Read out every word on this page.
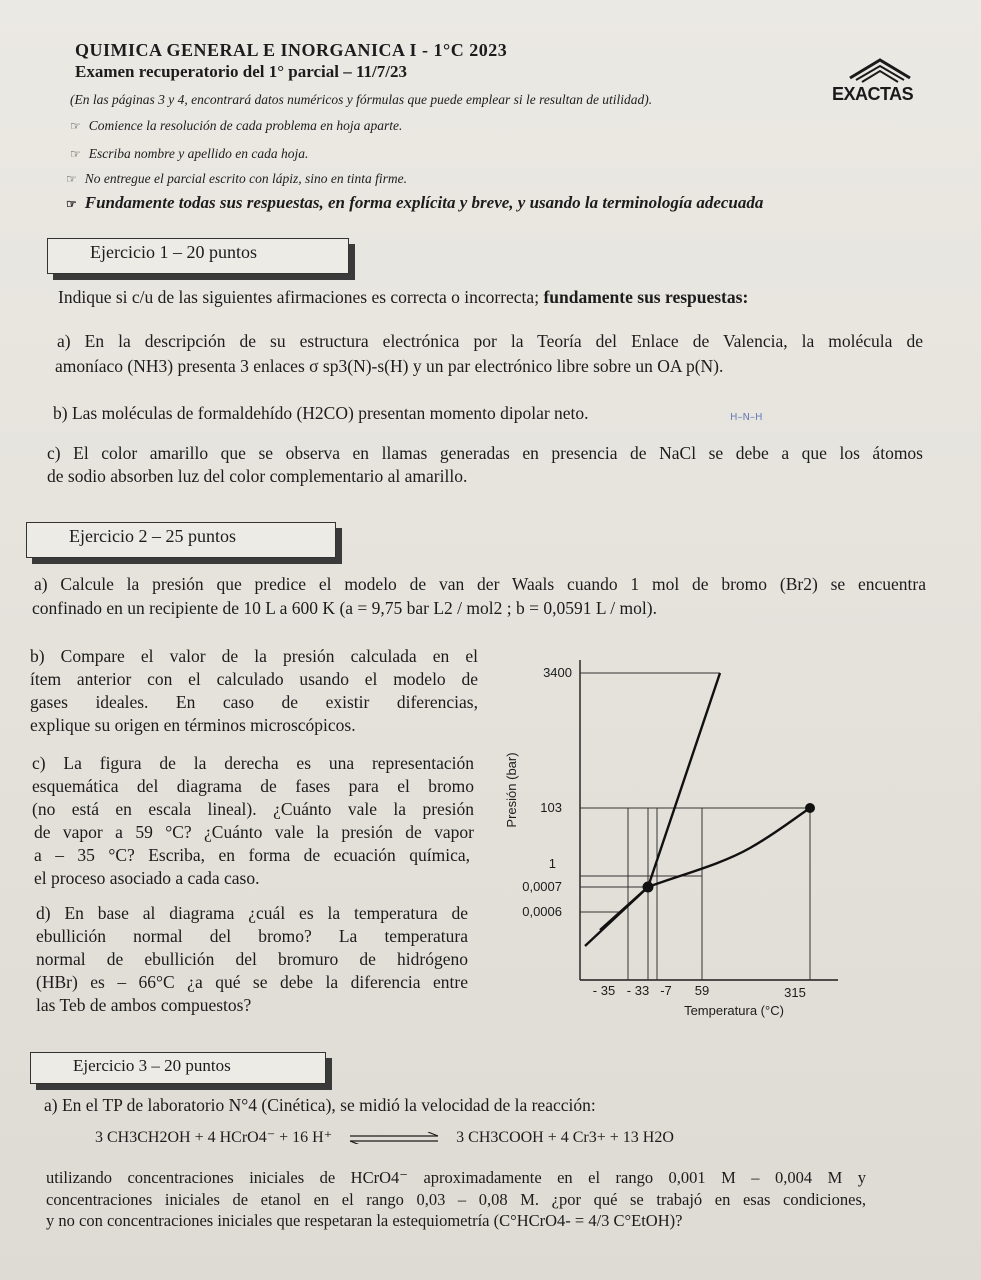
QUIMICA GENERAL E INORGANICA I - 1°C 2023
Examen recuperatorio del 1° parcial – 11/7/23
EXACTAS
(En las páginas 3 y 4, encontrará datos numéricos y fórmulas que puede emplear si le resultan de utilidad).
☞ Comience la resolución de cada problema en hoja aparte.
☞ Escriba nombre y apellido en cada hoja.
☞ No entregue el parcial escrito con lápiz, sino en tinta firme.
☞ Fundamente todas sus respuestas, en forma explícita y breve, y usando la terminología adecuada
Ejercicio 1 – 20 puntos
Indique si c/u de las siguientes afirmaciones es correcta o incorrecta; fundamente sus respuestas:
a) En la descripción de su estructura electrónica por la Teoría del Enlace de Valencia, la molécula de
amoníaco (NH3) presenta 3 enlaces σ sp3(N)-s(H) y un par electrónico libre sobre un OA p(N).
b) Las moléculas de formaldehído (H2CO) presentan momento dipolar neto.	H–N–H
c) El color amarillo que se observa en llamas generadas en presencia de NaCl se debe a que los átomos
de sodio absorben luz del color complementario al amarillo.
Ejercicio 2 – 25 puntos
a) Calcule la presión que predice el modelo de van der Waals cuando 1 mol de bromo (Br2) se encuentra
confinado en un recipiente de 10 L a 600 K (a = 9,75 bar L2 / mol2 ; b = 0,0591 L / mol).
b) Compare el valor de la presión calculada en el
ítem anterior con el calculado usando el modelo de
gases ideales. En caso de existir diferencias,
explique su origen en términos microscópicos.
c) La figura de la derecha es una representación
esquemática del diagrama de fases para el bromo
(no está en escala lineal). ¿Cuánto vale la presión
de vapor a 59 °C? ¿Cuánto vale la presión de vapor
a – 35 °C? Escriba, en forma de ecuación química,
el proceso asociado a cada caso.
d) En base al diagrama ¿cuál es la temperatura de
ebullición normal del bromo? La temperatura
normal de ebullición del bromuro de hidrógeno
(HBr) es – 66°C ¿a qué se debe la diferencia entre
las Teb de ambos compuestos?
3400
103
1
0,0007
0,0006
- 35 - 33 -7 59	315
Temperatura (°C)
Presión (bar)
Ejercicio 3 – 20 puntos
a) En el TP de laboratorio N°4 (Cinética), se midió la velocidad de la reacción:
3 CH3CH2OH + 4 HCrO4⁻ + 16 H⁺	3 CH3COOH + 4 Cr3+ + 13 H2O
utilizando concentraciones iniciales de HCrO4⁻ aproximadamente en el rango 0,001 M – 0,004 M y
concentraciones iniciales de etanol en el rango 0,03 – 0,08 M. ¿por qué se trabajó en esas condiciones,
y no con concentraciones iniciales que respetaran la estequiometría (C°HCrO4- = 4/3 C°EtOH)?
